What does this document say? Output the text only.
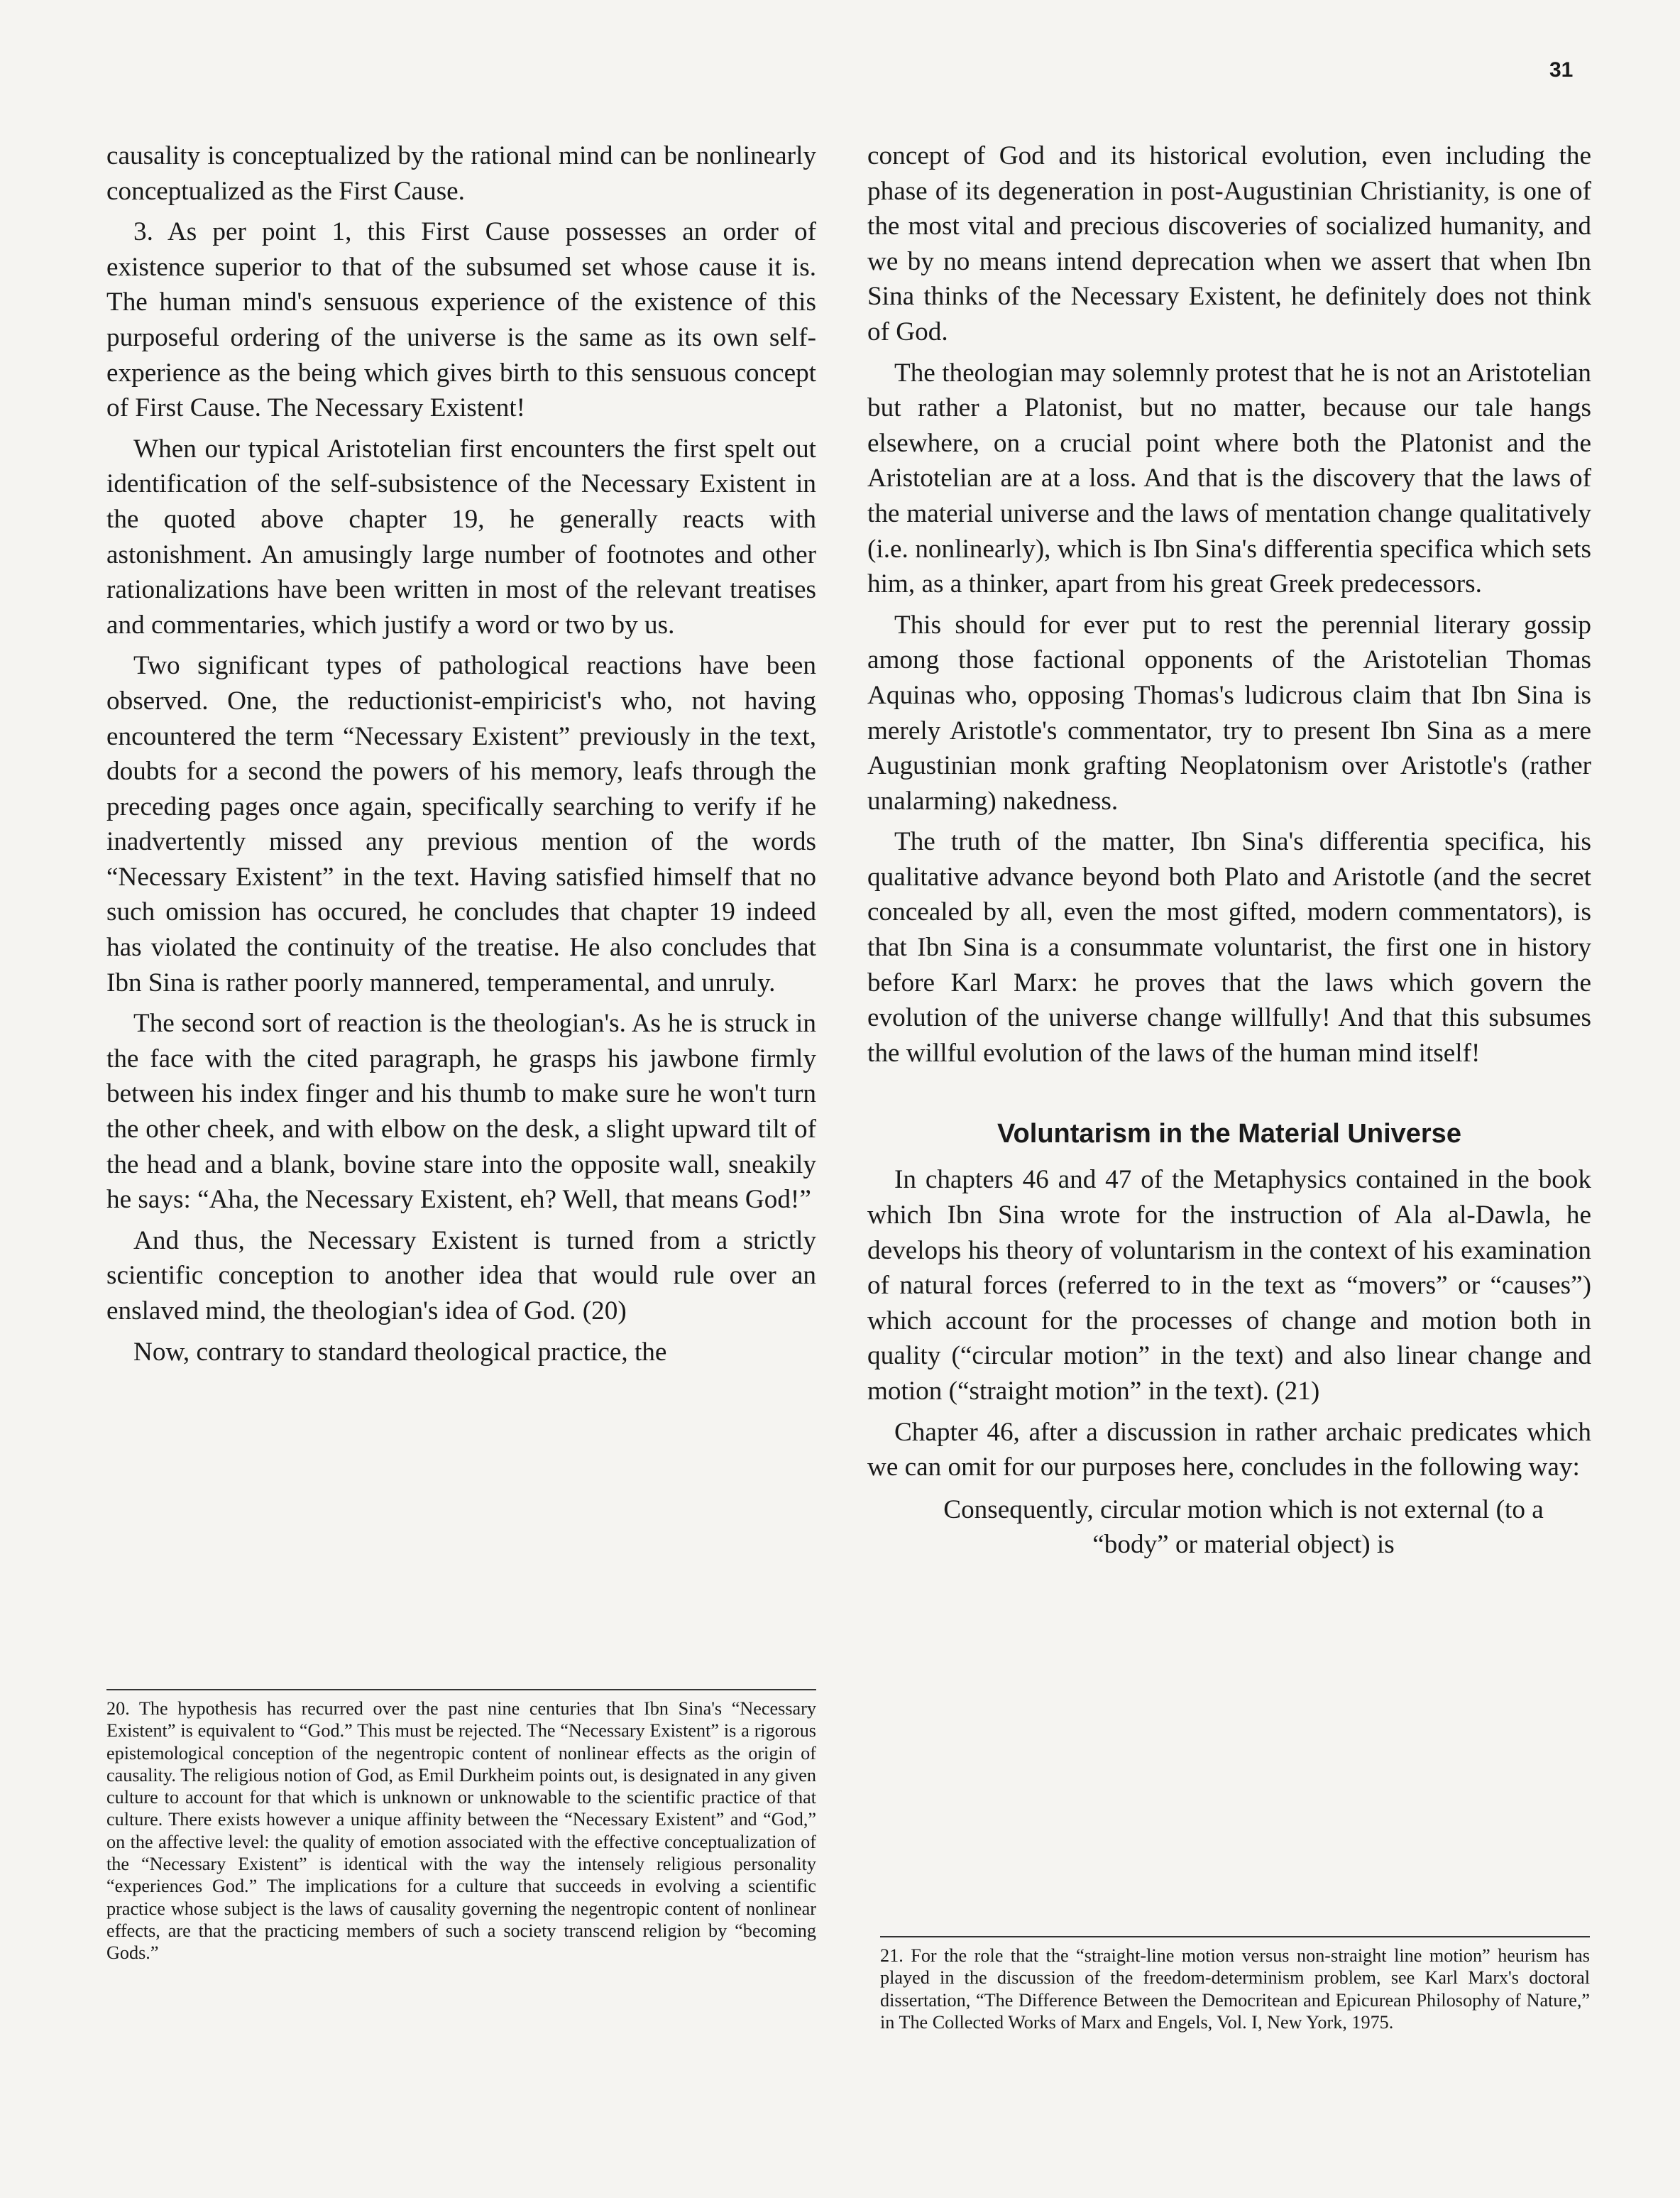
31

causality is conceptualized by the rational mind can be nonlinearly conceptualized as the First Cause.

3. As per point 1, this First Cause possesses an order of existence superior to that of the subsumed set whose cause it is. The human mind's sensuous experience of the existence of this purposeful ordering of the universe is the same as its own self-experience as the being which gives birth to this sensuous concept of First Cause. The Necessary Existent!

When our typical Aristotelian first encounters the first spelt out identification of the self-subsistence of the Necessary Existent in the quoted above chapter 19, he generally reacts with astonishment. An amusingly large number of footnotes and other rationalizations have been written in most of the relevant treatises and commentaries, which justify a word or two by us.

Two significant types of pathological reactions have been observed. One, the reductionist-empiricist's who, not having encountered the term “Necessary Existent” previously in the text, doubts for a second the powers of his memory, leafs through the preceding pages once again, specifically searching to verify if he inadvertently missed any previous mention of the words “Necessary Existent” in the text. Having satisfied himself that no such omission has occured, he concludes that chapter 19 indeed has violated the continuity of the treatise. He also concludes that Ibn Sina is rather poorly mannered, temperamental, and unruly.

The second sort of reaction is the theologian's. As he is struck in the face with the cited paragraph, he grasps his jawbone firmly between his index finger and his thumb to make sure he won't turn the other cheek, and with elbow on the desk, a slight upward tilt of the head and a blank, bovine stare into the opposite wall, sneakily he says: “Aha, the Necessary Existent, eh? Well, that means God!”

And thus, the Necessary Existent is turned from a strictly scientific conception to another idea that would rule over an enslaved mind, the theologian's idea of God. (20)

Now, contrary to standard theological practice, the

20. The hypothesis has recurred over the past nine centuries that Ibn Sina's “Necessary Existent” is equivalent to “God.” This must be rejected. The “Necessary Existent” is a rigorous epistemological conception of the negentropic content of nonlinear effects as the origin of causality. The religious notion of God, as Emil Durkheim points out, is designated in any given culture to account for that which is unknown or unknowable to the scientific practice of that culture. There exists however a unique affinity between the “Necessary Existent” and “God,” on the affective level: the quality of emotion associated with the effective conceptualization of the “Necessary Existent” is identical with the way the intensely religious personality “experiences God.” The implications for a culture that succeeds in evolving a scientific practice whose subject is the laws of causality governing the negentropic content of nonlinear effects, are that the practicing members of such a society transcend religion by “becoming Gods.”

concept of God and its historical evolution, even including the phase of its degeneration in post-Augustinian Christianity, is one of the most vital and precious discoveries of socialized humanity, and we by no means intend deprecation when we assert that when Ibn Sina thinks of the Necessary Existent, he definitely does not think of God.

The theologian may solemnly protest that he is not an Aristotelian but rather a Platonist, but no matter, because our tale hangs elsewhere, on a crucial point where both the Platonist and the Aristotelian are at a loss. And that is the discovery that the laws of the material universe and the laws of mentation change qualitatively (i.e. nonlinearly), which is Ibn Sina's differentia specifica which sets him, as a thinker, apart from his great Greek predecessors.

This should for ever put to rest the perennial literary gossip among those factional opponents of the Aristotelian Thomas Aquinas who, opposing Thomas's ludicrous claim that Ibn Sina is merely Aristotle's commentator, try to present Ibn Sina as a mere Augustinian monk grafting Neoplatonism over Aristotle's (rather unalarming) nakedness.

The truth of the matter, Ibn Sina's differentia specifica, his qualitative advance beyond both Plato and Aristotle (and the secret concealed by all, even the most gifted, modern commentators), is that Ibn Sina is a consummate voluntarist, the first one in history before Karl Marx: he proves that the laws which govern the evolution of the universe change willfully! And that this subsumes the willful evolution of the laws of the human mind itself!

Voluntarism in the Material Universe

In chapters 46 and 47 of the Metaphysics contained in the book which Ibn Sina wrote for the instruction of Ala al-Dawla, he develops his theory of voluntarism in the context of his examination of natural forces (referred to in the text as “movers” or “causes”) which account for the processes of change and motion both in quality (“circular motion” in the text) and also linear change and motion (“straight motion” in the text). (21)

Chapter 46, after a discussion in rather archaic predicates which we can omit for our purposes here, concludes in the following way:

Consequently, circular motion which is not external (to a “body” or material object) is

21. For the role that the “straight-line motion versus non-straight line motion” heurism has played in the discussion of the freedom-determinism problem, see Karl Marx's doctoral dissertation, “The Difference Between the Democritean and Epicurean Philosophy of Nature,” in The Collected Works of Marx and Engels, Vol. I, New York, 1975.
